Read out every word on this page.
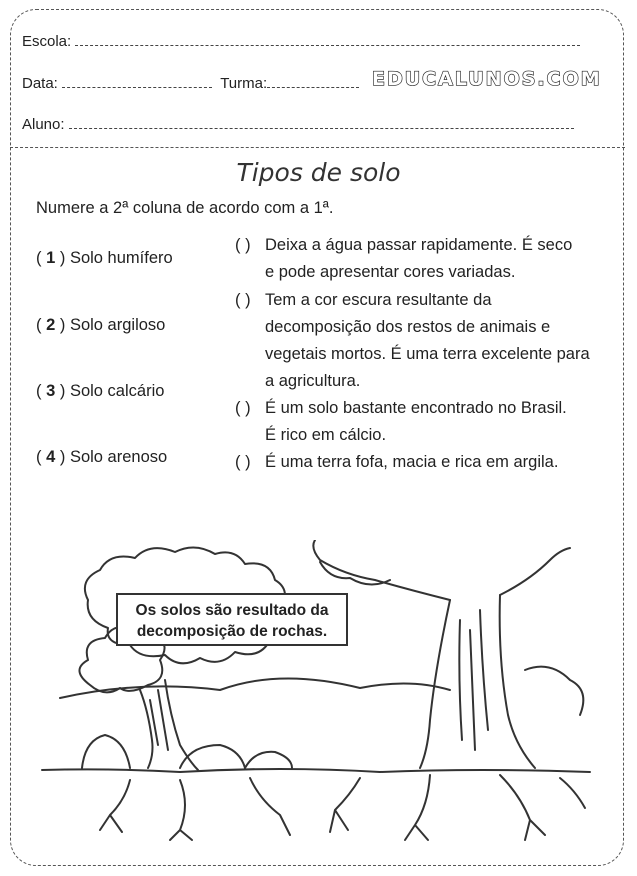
Escola:
Data:	Turma:	EDUCALUNOS.COM
Aluno:
Tipos de solo
Numere a 2ª coluna de acordo com a 1ª.
( 1 ) Solo humífero
( 2 ) Solo argiloso
( 3 ) Solo calcário
( 4 ) Solo arenoso
( ) Deixa a água passar rapidamente. É seco
e pode apresentar cores variadas.
( ) Tem a cor escura resultante da
decomposição dos restos de animais e vegetais mortos. É uma terra excelente para a agricultura.
( ) É um solo bastante encontrado no Brasil.
É rico em cálcio.
( ) É uma terra fofa, macia e rica em argila.
Os solos são resultado da
decomposição de rochas.
